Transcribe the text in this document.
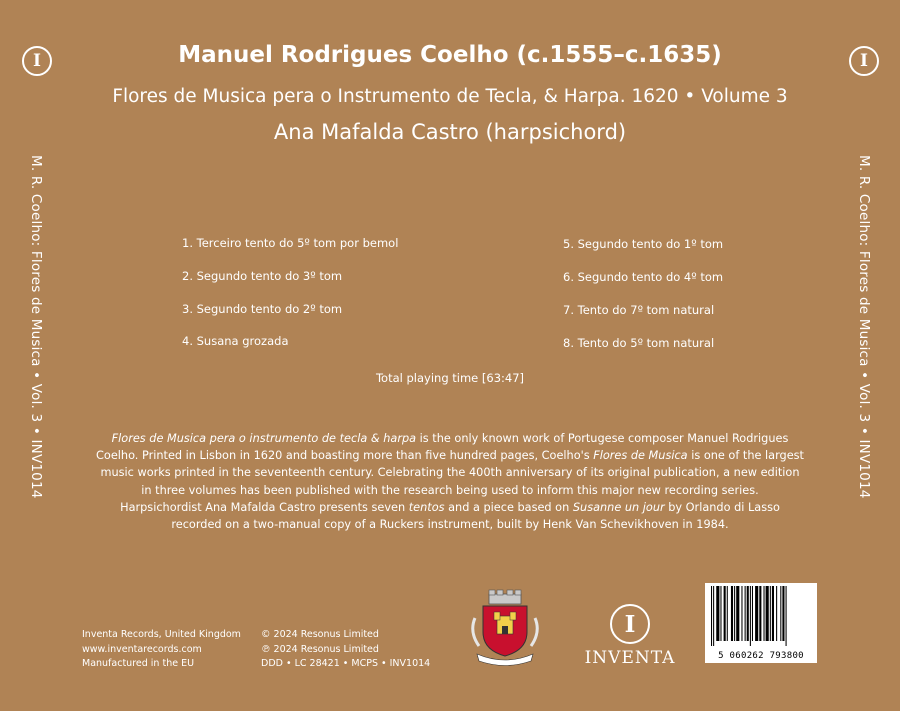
I	I
M. R. Coelho: Flores de Musica • Vol. 3 • INV1014	M. R. Coelho: Flores de Musica • Vol. 3 • INV1014
Manuel Rodrigues Coelho (c.1555–c.1635)
Flores de Musica pera o Instrumento de Tecla, & Harpa. 1620 • Volume 3
Ana Mafalda Castro (harpsichord)
1. Terceiro tento do 5º tom por bemol
2. Segundo tento do 3º tom
3. Segundo tento do 2º tom
4. Susana grozada
5. Segundo tento do 1º tom
6. Segundo tento do 4º tom
7. Tento do 7º tom natural
8. Tento do 5º tom natural
Total playing time [63:47]

Flores de Musica pera o instrumento de tecla & harpa is the only known work of Portugese composer Manuel Rodrigues Coelho. Printed in Lisbon in 1620 and boasting more than five hundred pages, Coelho's Flores de Musica is one of the largest music works printed in the seventeenth century. Celebrating the 400th anniversary of its original publication, a new edition in three volumes has been published with the research being used to inform this major new recording series.

Harpsichordist Ana Mafalda Castro presents seven tentos and a piece based on Susanne un jour by Orlando di Lasso recorded on a two-manual copy of a Ruckers instrument, built by Henk Van Schevikhoven in 1984.

Inventa Records, United Kingdom
www.inventarecords.com
Manufactured in the EU
© 2024 Resonus Limited
℗ 2024 Resonus Limited
DDD • LC 28421 • MCPS • INV1014
I
INVENTA	5 060262 793800
